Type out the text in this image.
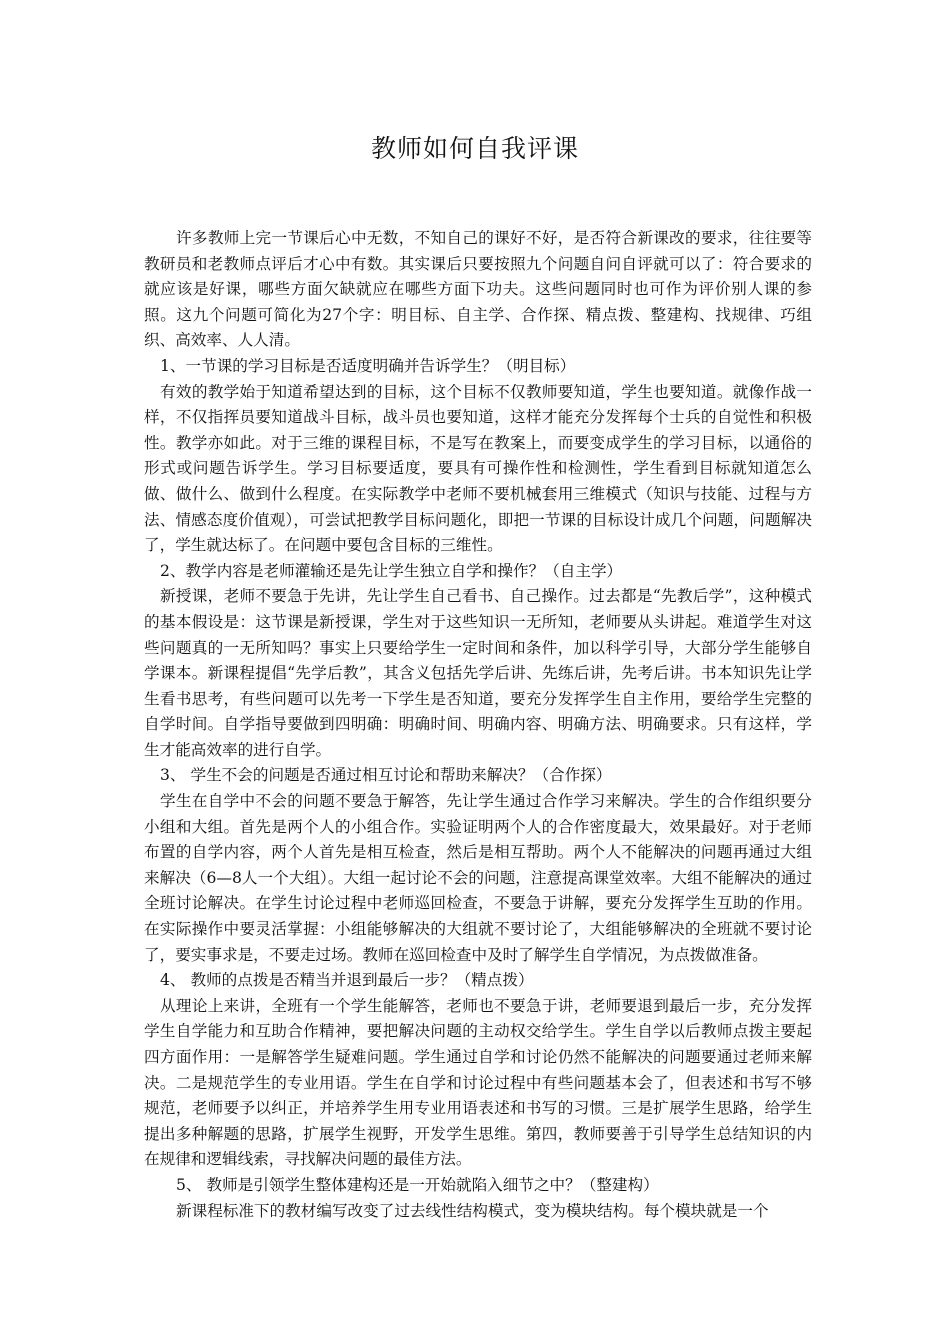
教师如何自我评课

许多教师上完一节课后心中无数，不知自己的课好不好，是否符合新课改的要求，往往要等教研员和老教师点评后才心中有数。其实课后只要按照九个问题自问自评就可以了：符合要求的就应该是好课，哪些方面欠缺就应在哪些方面下功夫。这些问题同时也可作为评价别人课的参照。这九个问题可简化为27个字：明目标、自主学、合作探、精点拨、整建构、找规律、巧组织、高效率、人人清。

1、一节课的学习目标是否适度明确并告诉学生？（明目标）

有效的教学始于知道希望达到的目标，这个目标不仅教师要知道，学生也要知道。就像作战一样，不仅指挥员要知道战斗目标，战斗员也要知道，这样才能充分发挥每个士兵的自觉性和积极性。教学亦如此。对于三维的课程目标，不是写在教案上，而要变成学生的学习目标，以通俗的形式或问题告诉学生。学习目标要适度，要具有可操作性和检测性，学生看到目标就知道怎么做、做什么、做到什么程度。在实际教学中老师不要机械套用三维模式（知识与技能、过程与方法、情感态度价值观），可尝试把教学目标问题化，即把一节课的目标设计成几个问题，问题解决了，学生就达标了。在问题中要包含目标的三维性。

2、教学内容是老师灌输还是先让学生独立自学和操作？（自主学）

新授课，老师不要急于先讲，先让学生自己看书、自己操作。过去都是“先教后学”，这种模式的基本假设是：这节课是新授课，学生对于这些知识一无所知，老师要从头讲起。难道学生对这些问题真的一无所知吗？事实上只要给学生一定时间和条件，加以科学引导，大部分学生能够自学课本。新课程提倡“先学后教”，其含义包括先学后讲、先练后讲，先考后讲。书本知识先让学生看书思考，有些问题可以先考一下学生是否知道，要充分发挥学生自主作用，要给学生完整的自学时间。自学指导要做到四明确：明确时间、明确内容、明确方法、明确要求。只有这样，学生才能高效率的进行自学。

3、 学生不会的问题是否通过相互讨论和帮助来解决？（合作探）

学生在自学中不会的问题不要急于解答，先让学生通过合作学习来解决。学生的合作组织要分小组和大组。首先是两个人的小组合作。实验证明两个人的合作密度最大，效果最好。对于老师布置的自学内容，两个人首先是相互检查，然后是相互帮助。两个人不能解决的问题再通过大组来解决（6—8人一个大组）。大组一起讨论不会的问题，注意提高课堂效率。大组不能解决的通过全班讨论解决。在学生讨论过程中老师巡回检查，不要急于讲解，要充分发挥学生互助的作用。在实际操作中要灵活掌握：小组能够解决的大组就不要讨论了，大组能够解决的全班就不要讨论了，要实事求是，不要走过场。教师在巡回检查中及时了解学生自学情况，为点拨做准备。

4、 教师的点拨是否精当并退到最后一步？（精点拨）

从理论上来讲，全班有一个学生能解答，老师也不要急于讲，老师要退到最后一步，充分发挥学生自学能力和互助合作精神，要把解决问题的主动权交给学生。学生自学以后教师点拨主要起四方面作用：一是解答学生疑难问题。学生通过自学和讨论仍然不能解决的问题要通过老师来解决。二是规范学生的专业用语。学生在自学和讨论过程中有些问题基本会了，但表述和书写不够规范，老师要予以纠正，并培养学生用专业用语表述和书写的习惯。三是扩展学生思路，给学生提出多种解题的思路，扩展学生视野，开发学生思维。第四，教师要善于引导学生总结知识的内在规律和逻辑线索，寻找解决问题的最佳方法。

5、 教师是引领学生整体建构还是一开始就陷入细节之中？（整建构）

新课程标准下的教材编写改变了过去线性结构模式，变为模块结构。每个模块就是一个
